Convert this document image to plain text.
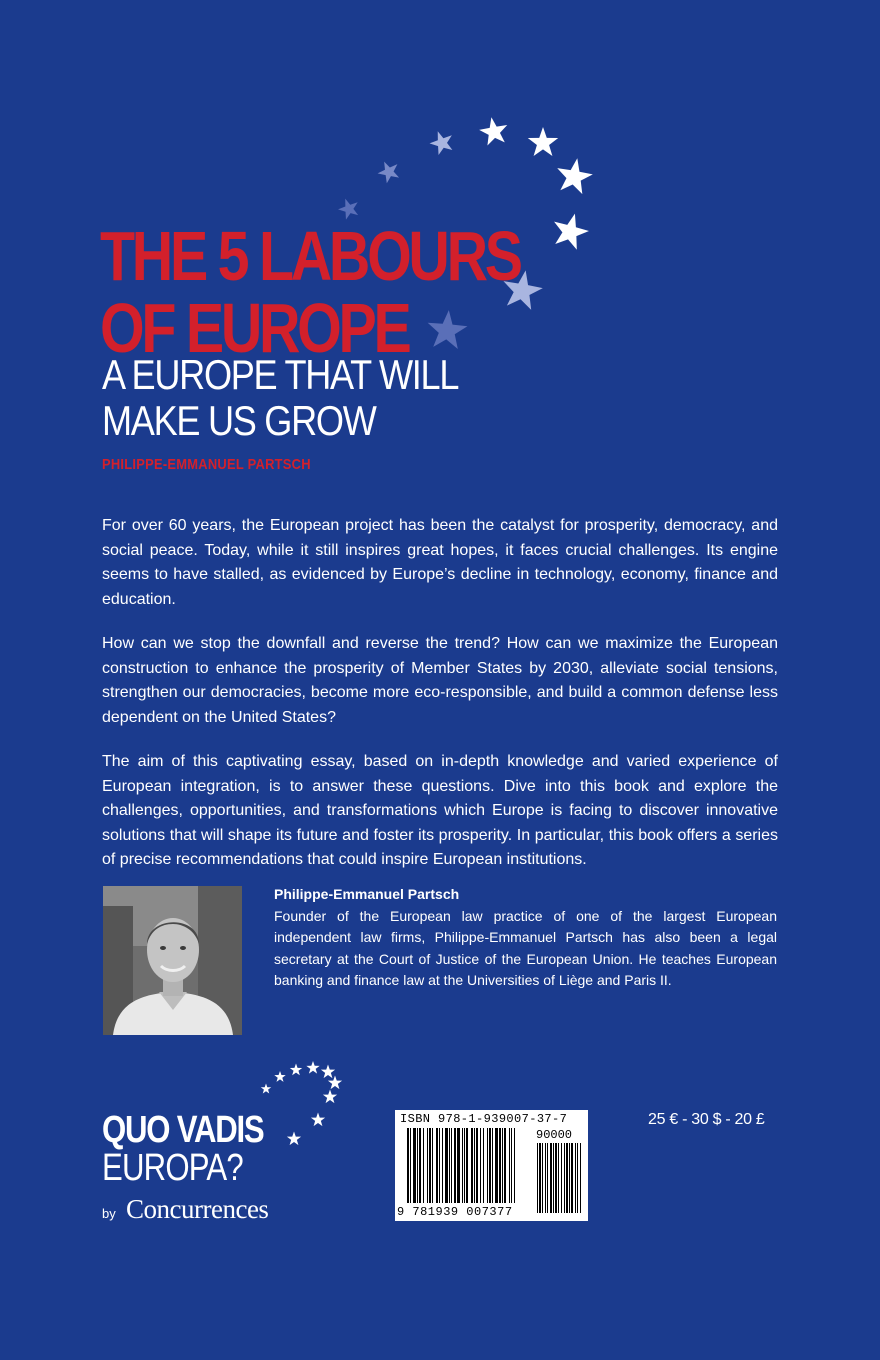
THE 5 LABOURS
OF EUROPE
A EUROPE THAT WILL
MAKE US GROW
PHILIPPE-EMMANUEL PARTSCH

For over 60 years, the European project has been the catalyst for prosperity, democracy, and social peace. Today, while it still inspires great hopes, it faces crucial challenges. Its engine seems to have stalled, as evidenced by Europe’s decline in technology, economy, finance and education.

How can we stop the downfall and reverse the trend? How can we maximize the European construction to enhance the prosperity of Member States by 2030, alleviate social tensions, strengthen our democracies, become more eco-responsible, and build a common defense less dependent on the United States?

The aim of this captivating essay, based on in-depth knowledge and varied experience of European integration, is to answer these questions. Dive into this book and explore the challenges, opportunities, and transformations which Europe is facing to discover innovative solutions that will shape its future and foster its prosperity. In particular, this book offers a series of precise recommendations that could inspire European institutions.

Philippe-Emmanuel Partsch
Founder of the European law practice of one of the largest European independent law firms, Philippe-Emmanuel Partsch has also been a legal secretary at the Court of Justice of the European Union. He teaches European banking and finance law at the Universities of Liège and Paris II.
QUO VADIS
EUROPA?
by Concurrences
ISBN 978-1-939007-37-7
90000
9 781939 007377
25 € - 30 $ - 20 £
